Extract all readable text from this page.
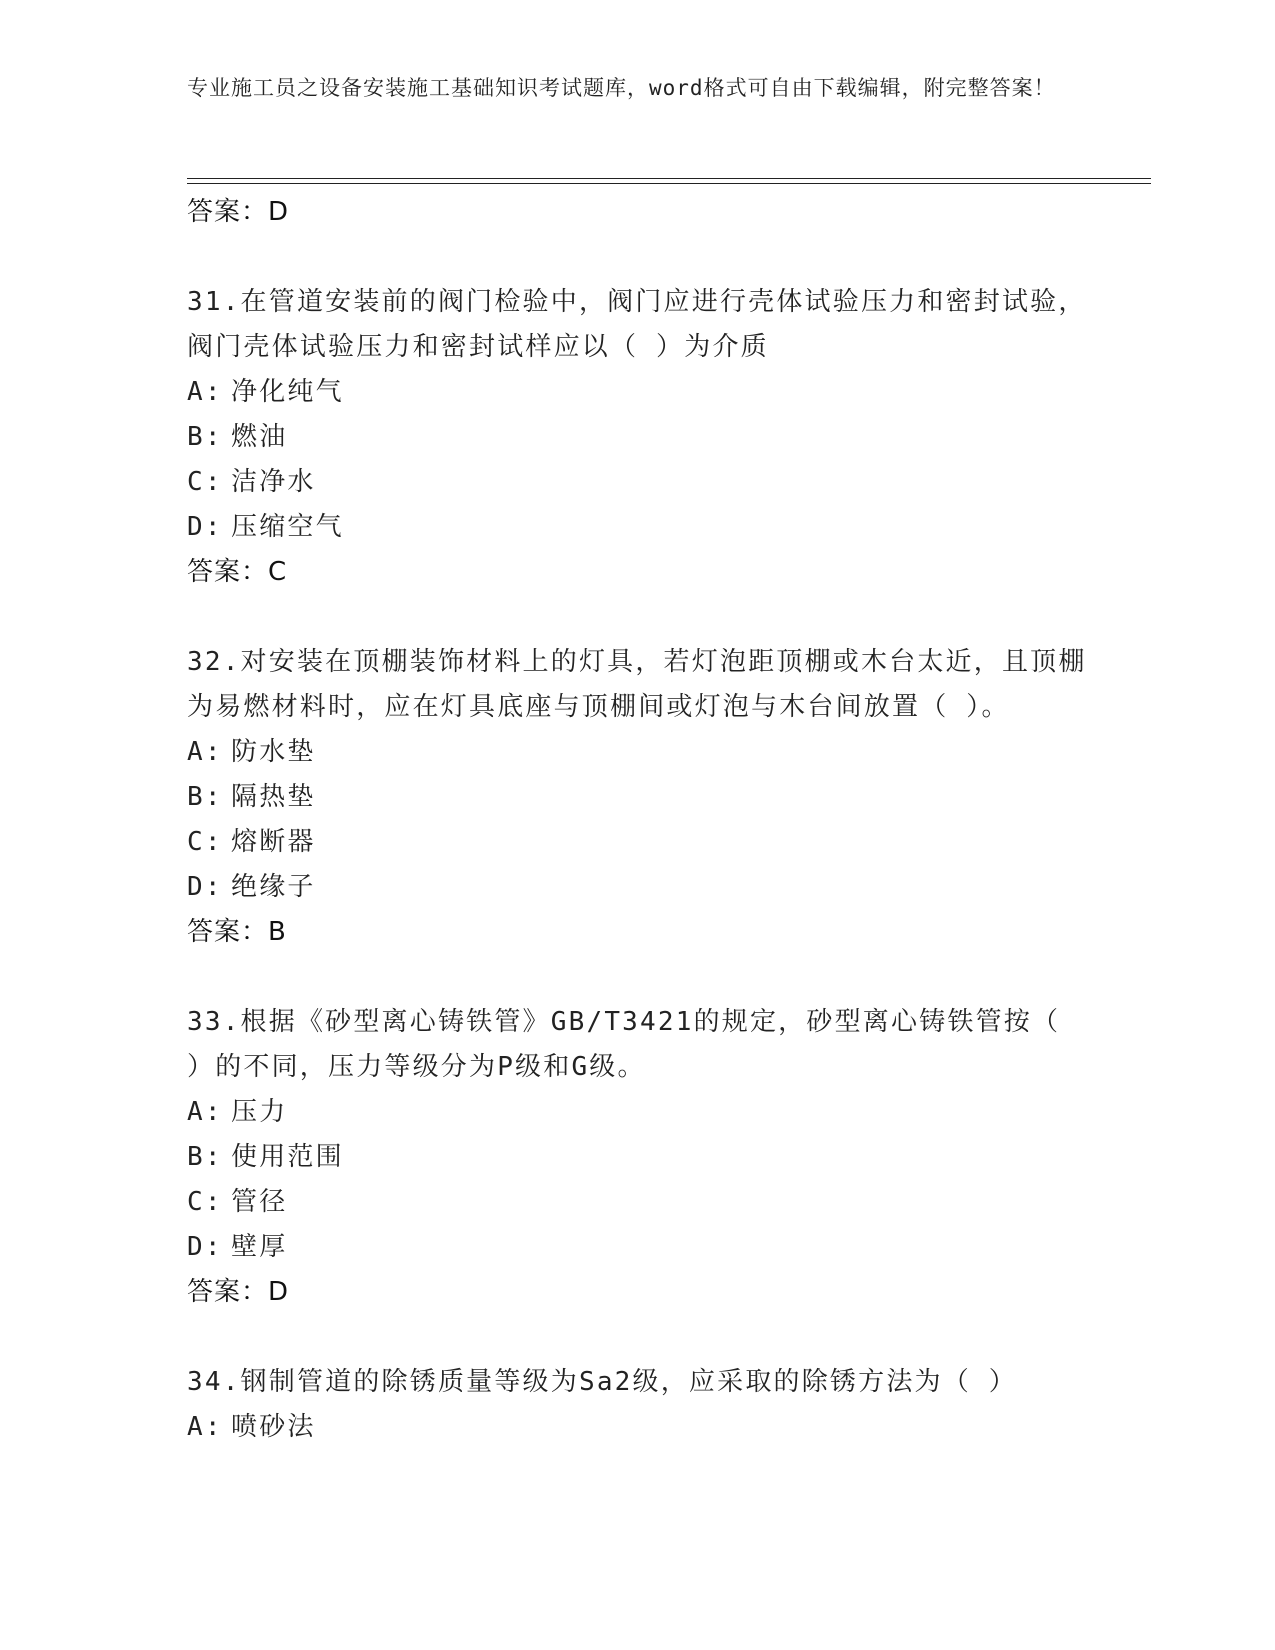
专业施工员之设备安装施工基础知识考试题库，word格式可自由下载编辑，附完整答案！
答案：D
31.在管道安装前的阀门检验中，阀门应进行壳体试验压力和密封试验，阀门壳体试验压力和密封试样应以（ ）为介质
A: 净化纯气
B: 燃油
C: 洁净水
D: 压缩空气
答案：C
32.对安装在顶棚装饰材料上的灯具，若灯泡距顶棚或木台太近，且顶棚为易燃材料时，应在灯具底座与顶棚间或灯泡与木台间放置（ ）。
A: 防水垫
B: 隔热垫
C: 熔断器
D: 绝缘子
答案：B
33.根据《砂型离心铸铁管》GB/T3421的规定，砂型离心铸铁管按（ ）的不同，压力等级分为P级和G级。
A: 压力
B: 使用范围
C: 管径
D: 壁厚
答案：D
34.钢制管道的除锈质量等级为Sa2级，应采取的除锈方法为（ ）
A: 喷砂法
